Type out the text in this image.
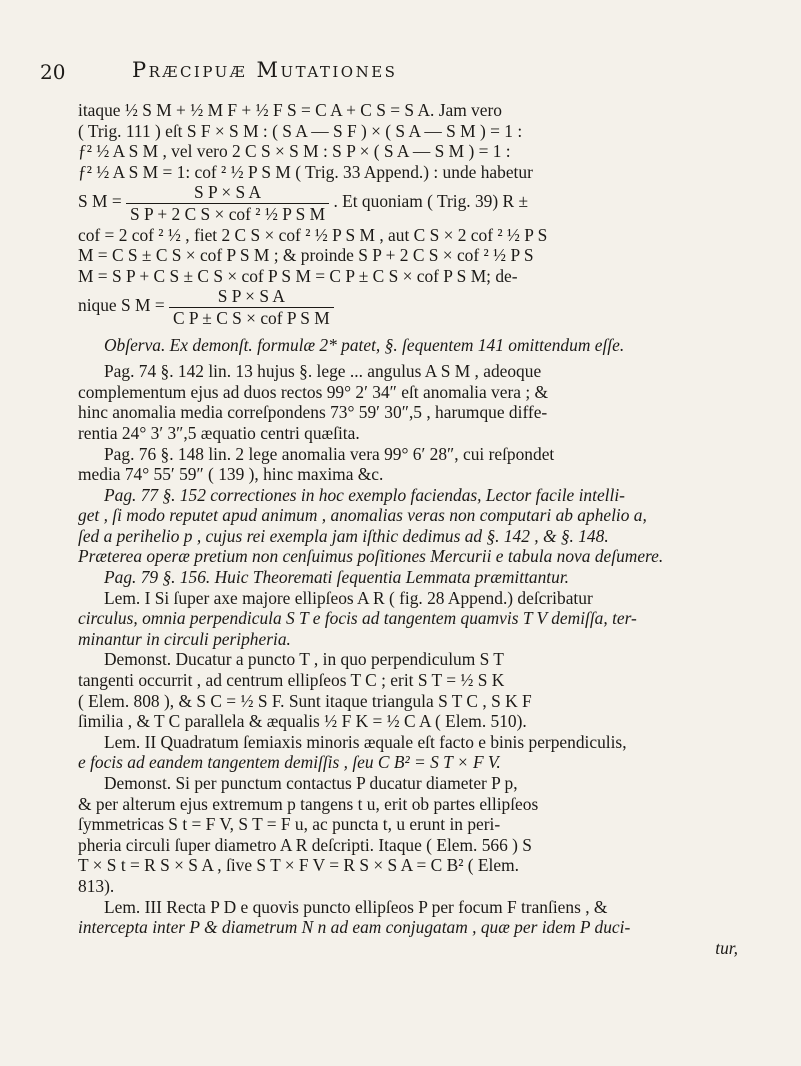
20	Præcipuæ Mutationes
itaque ½ S M + ½ M F + ½ F S = C A + C S = S A. Jam vero
( Trig. 111 ) eſt S F × S M : ( S A — S F ) × ( S A — S M ) = 1 :
ƒ² ½ A S M , vel vero 2 C S × S M : S P × ( S A — S M ) = 1 :
ƒ² ½ A S M = 1: cof ² ½ P S M ( Trig. 33 Append.) : unde habetur
S $M = \frac{\text{S P × S A}}{\text{S P + 2 C S × cof ² ½ P S M}}$ . Et quoniam ( Trig. 39) R ±
cof = 2 cof ² ½ , fiet 2 C S × cof ² ½ P S M , aut C S × 2 cof ² ½ P S
M = C S ± C S × cof P S M ; & proinde S P + 2 C S × cof ² ½ P S
M = S P + C S ± C S × cof P S M = C P ± C S × cof P S M; de-
nique S $M = \frac{\text{S P × S A}}{\text{C P ± C S × cof P S M}}$
Obſerva. Ex demonſt. formulæ 2* patet, §. ſequentem 141 omittendum eſſe.
Pag. 74 §. 142 lin. 13 hujus §. lege ... angulus A S M , adeoque
complementum ejus ad duos rectos 99° 2′ 34″ eſt anomalia vera ; &
hinc anomalia media correſpondens 73° 59′ 30″,5 , harumque diffe-
rentia 24° 3′ 3″,5 æquatio centri quæſita.
Pag. 76 §. 148 lin. 2 lege anomalia vera 99° 6′ 28″, cui reſpondet
media 74° 55′ 59″ ( 139 ), hinc maxima &c.
Pag. 77 §. 152 correctiones in hoc exemplo faciendas, Lector facile intelli-
get , ſi modo reputet apud animum , anomalias veras non computari ab aphelio a,
ſed a perihelio p , cujus rei exempla jam iſthic dedimus ad §. 142 , & §. 148.
Præterea operæ pretium non cenſuimus poſitiones Mercurii e tabula nova deſumere.
Pag. 79 §. 156. Huic Theoremati ſequentia Lemmata præmittantur.
Lem. I Si ſuper axe majore ellipſeos A R ( fig. 28 Append.) deſcribatur
circulus, omnia perpendicula S T e focis ad tangentem quamvis T V demiſſa, ter-
minantur in circuli peripheria.
Demonst. Ducatur a puncto T , in quo perpendiculum S T
tangenti occurrit , ad centrum ellipſeos T C ; erit S T = ½ S K
( Elem. 808 ), & S C = ½ S F. Sunt itaque triangula S T C , S K F
ſimilia , & T C parallela & æqualis ½ F K = ½ C A ( Elem. 510).
Lem. II Quadratum ſemiaxis minoris æquale eſt facto e binis perpendiculis,
e focis ad eandem tangentem demiſſis , ſeu C B² = S T × F V.
Demonst. Si per punctum contactus P ducatur diameter P p,
& per alterum ejus extremum p tangens t u, erit ob partes ellipſeos
ſymmetricas S t = F V, S T = F u, ac puncta t, u erunt in peri-
pheria circuli ſuper diametro A R deſcripti. Itaque ( Elem. 566 ) S
T × S t = R S × S A , ſive S T × F V = R S × S A = C B² ( Elem.
813).
Lem. III Recta P D e quovis puncto ellipſeos P per focum F tranſiens , &
intercepta inter P & diametrum N n ad eam conjugatam , quæ per idem P duci-
tur,
